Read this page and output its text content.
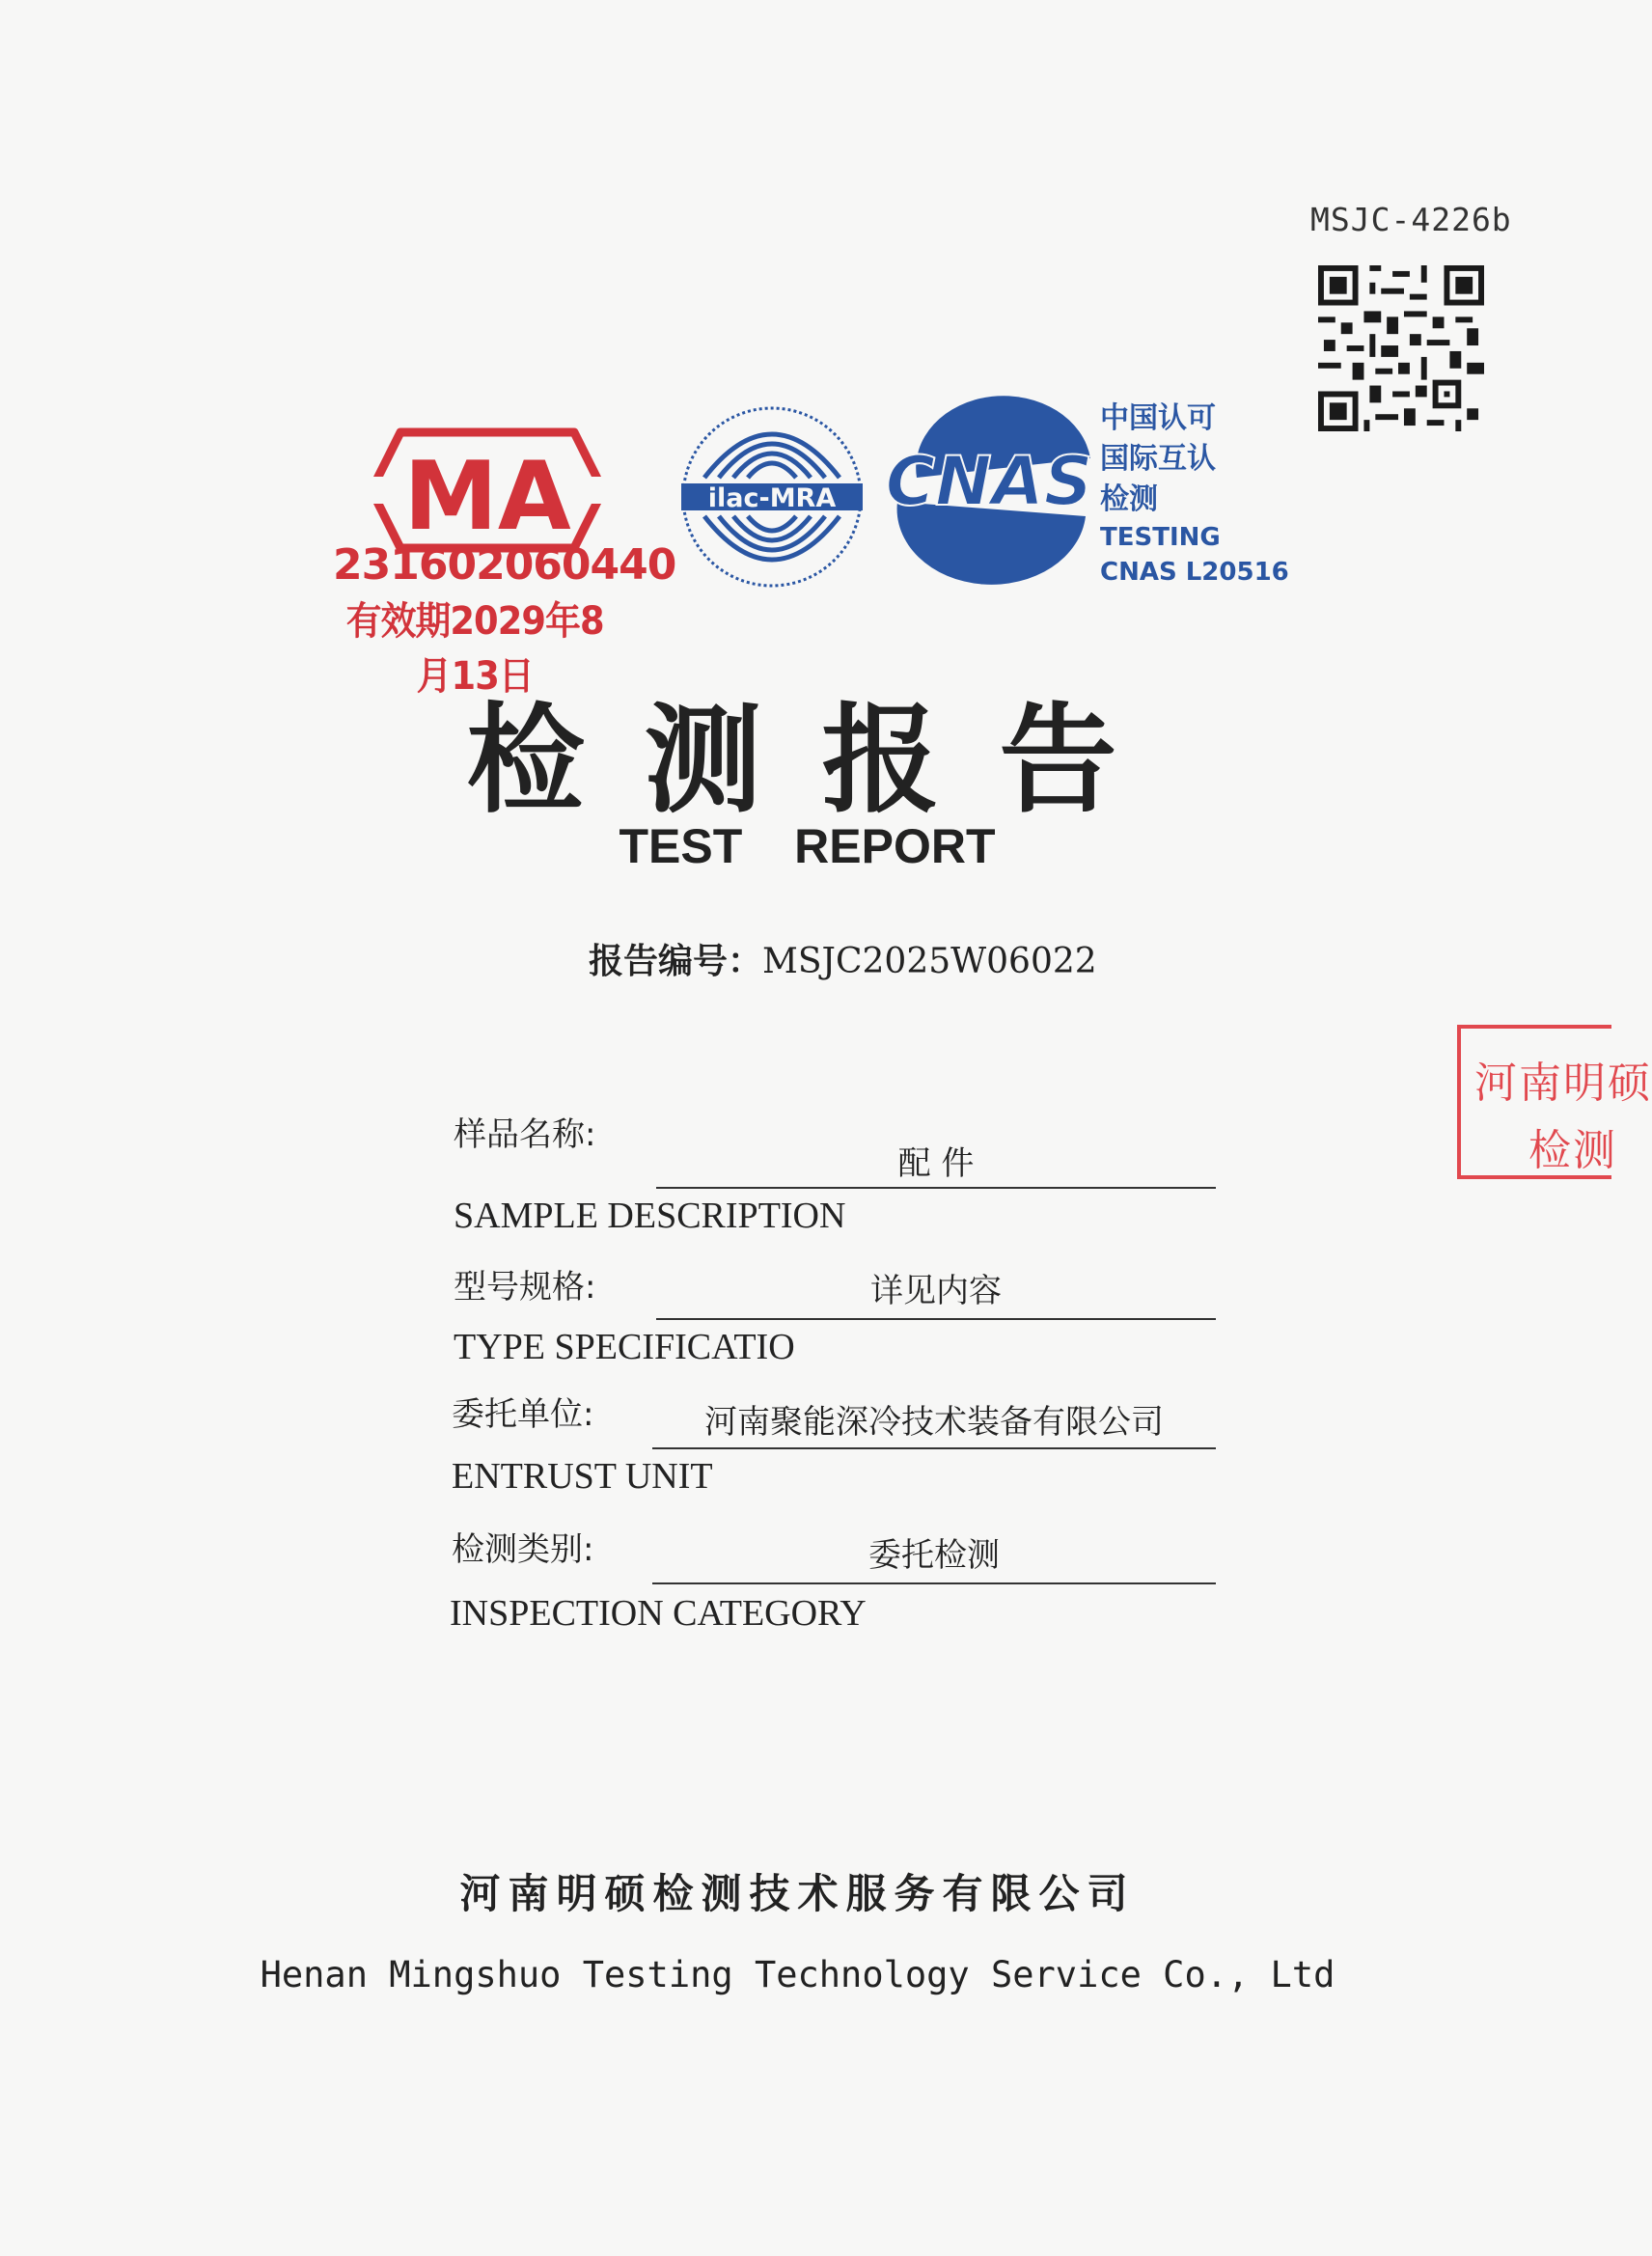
MSJC-4226b
MA
231602060440
有效期2029年8月13日
ilac-MRA CNAS
中国认可
国际互认
检测
TESTING
CNAS L20516
检测报告
TEST REPORT
报告编号：MSJC2025W06022
样品名称:
配 件
SAMPLE DESCRIPTION
型号规格:	详见内容
TYPE SPECIFICATIO
委托单位:	河南聚能深冷技术装备有限公司
ENTRUST UNIT
检测类别:	委托检测
INSPECTION CATEGORY
河南明硕检测技术服务有限公司
Henan Mingshuo Testing Technology Service Co., Ltd
河南明硕
检测
